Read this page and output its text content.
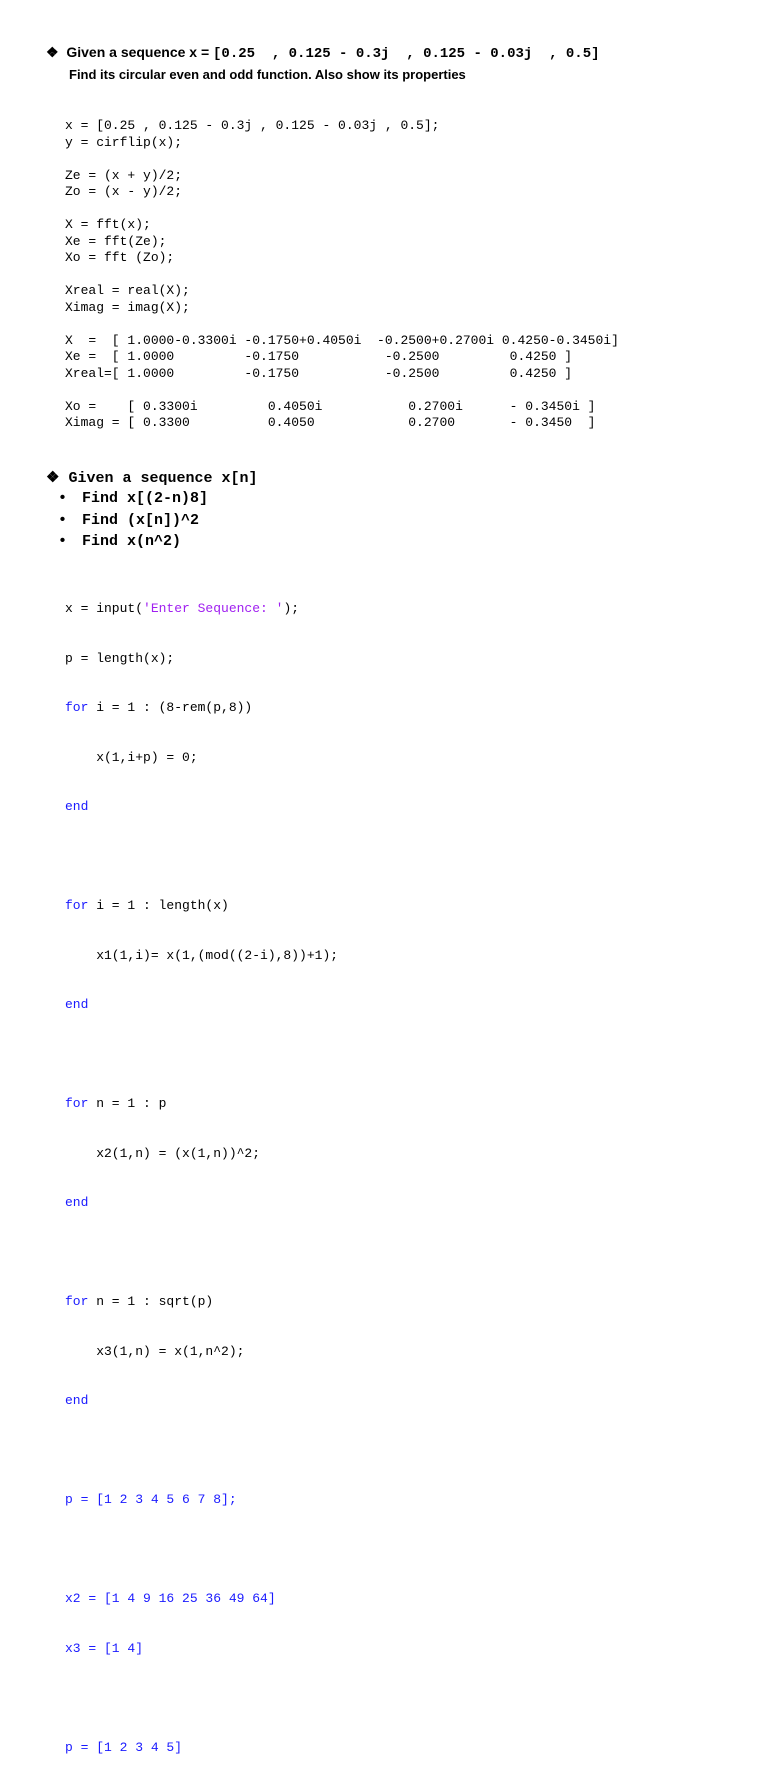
❖ Given a sequence x = [0.25  , 0.125 - 0.3j  , 0.125 - 0.03j  , 0.5]
Find its circular even and odd function. Also show its properties
x = [0.25 , 0.125 - 0.3j , 0.125 - 0.03j , 0.5];
y = cirflip(x);
Ze = (x + y)/2;
Zo = (x - y)/2;
X = fft(x);
Xe = fft(Ze);
Xo = fft (Zo);
Xreal = real(X);
Ximag = imag(X);
X  =  [ 1.0000-0.3300i -0.1750+0.4050i  -0.2500+0.2700i 0.4250-0.3450i]
Xe =  [ 1.0000         -0.1750           -0.2500         0.4250 ]
Xreal=[ 1.0000         -0.1750           -0.2500         0.4250 ]
Xo =    [ 0.3300i         0.4050i           0.2700i      - 0.3450i ]
Ximag = [ 0.3300          0.4050            0.2700       - 0.3450  ]
❖ Given a sequence x[n]
• Find x[(2-n)8]
• Find (x[n])^2
• Find x(n^2)

x = input('Enter Sequence: ');

p = length(x);

for i = 1 : (8-rem(p,8))

x(1,i+p) = 0;

end

for i = 1 : length(x)

x1(1,i)= x(1,(mod((2-i),8))+1);

end

for n = 1 : p

x2(1,n) = (x(1,n))^2;

end

for n = 1 : sqrt(p)

x3(1,n) = x(1,n^2);

end

p = [1 2 3 4 5 6 7 8];

x2 = [1 4 9 16 25 36 49 64]

x3 = [1 4]

p = [1 2 3 4 5]
